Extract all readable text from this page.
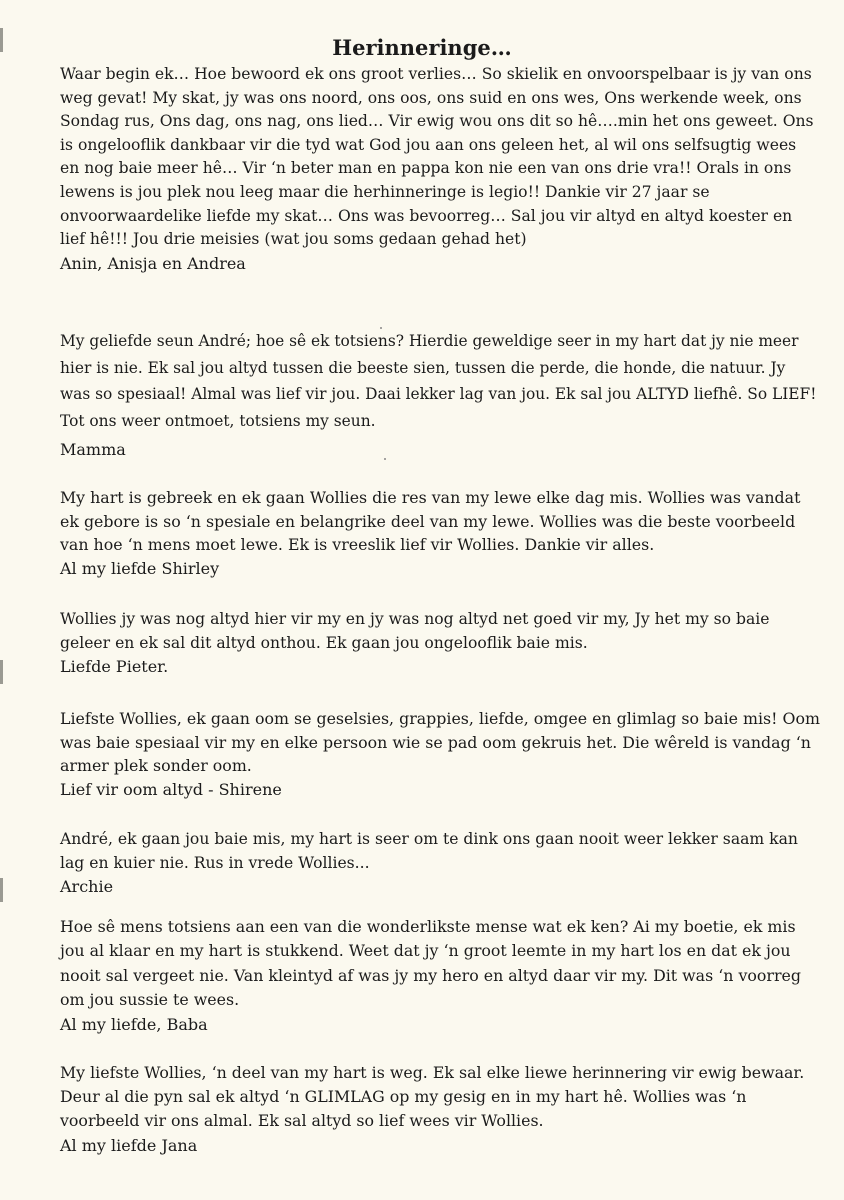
Herinneringe…

Waar begin ek… Hoe bewoord ek ons groot verlies… So skielik en onvoorspelbaar is jy van ons weg gevat! My skat, jy was ons noord, ons oos, ons suid en ons wes, Ons werkende week, ons Sondag rus, Ons dag, ons nag, ons lied… Vir ewig wou ons dit so hê….min het ons geweet. Ons is ongelooflik dankbaar vir die tyd wat God jou aan ons geleen het, al wil ons selfsugtig wees en nog baie meer hê… Vir ‘n beter man en pappa kon nie een van ons drie vra!! Orals in ons lewens is jou plek nou leeg maar die herhinneringe is legio!! Dankie vir 27 jaar se onvoorwaardelike liefde my skat… Ons was bevoorreg… Sal jou vir altyd en altyd koester en lief hê!!! Jou drie meisies (wat jou soms gedaan gehad het)

Anin, Anisja en Andrea

My geliefde seun André; hoe sê ek totsiens? Hierdie geweldige seer in my hart dat jy nie meer hier is nie. Ek sal jou altyd tussen die beeste sien, tussen die perde, die honde, die natuur. Jy was so spesiaal! Almal was lief vir jou. Daai lekker lag van jou. Ek sal jou ALTYD liefhê. So LIEF! Tot ons weer ontmoet, totsiens my seun.

Mamma

My hart is gebreek en ek gaan Wollies die res van my lewe elke dag mis. Wollies was vandat ek gebore is so ‘n spesiale en belangrike deel van my lewe. Wollies was die beste voorbeeld van hoe ‘n mens moet lewe. Ek is vreeslik lief vir Wollies. Dankie vir alles.

Al my liefde Shirley

Wollies jy was nog altyd hier vir my en jy was nog altyd net goed vir my, Jy het my so baie geleer en ek sal dit altyd onthou. Ek gaan jou ongelooflik baie mis.

Liefde Pieter.

Liefste Wollies, ek gaan oom se geselsies, grappies, liefde, omgee en glimlag so baie mis! Oom was baie spesiaal vir my en elke persoon wie se pad oom gekruis het. Die wêreld is vandag ‘n armer plek sonder oom.

Lief vir oom altyd - Shirene

André, ek gaan jou baie mis, my hart is seer om te dink ons gaan nooit weer lekker saam kan lag en kuier nie. Rus in vrede Wollies...

Archie

Hoe sê mens totsiens aan een van die wonderlikste mense wat ek ken? Ai my boetie, ek mis jou al klaar en my hart is stukkend. Weet dat jy ‘n groot leemte in my hart los en dat ek jou nooit sal vergeet nie. Van kleintyd af was jy my hero en altyd daar vir my. Dit was ‘n voorreg om jou sussie te wees.

Al my liefde, Baba

My liefste Wollies, ‘n deel van my hart is weg. Ek sal elke liewe herinnering vir ewig bewaar. Deur al die pyn sal ek altyd ‘n GLIMLAG op my gesig en in my hart hê. Wollies was ‘n voorbeeld vir ons almal. Ek sal altyd so lief wees vir Wollies.

Al my liefde Jana
